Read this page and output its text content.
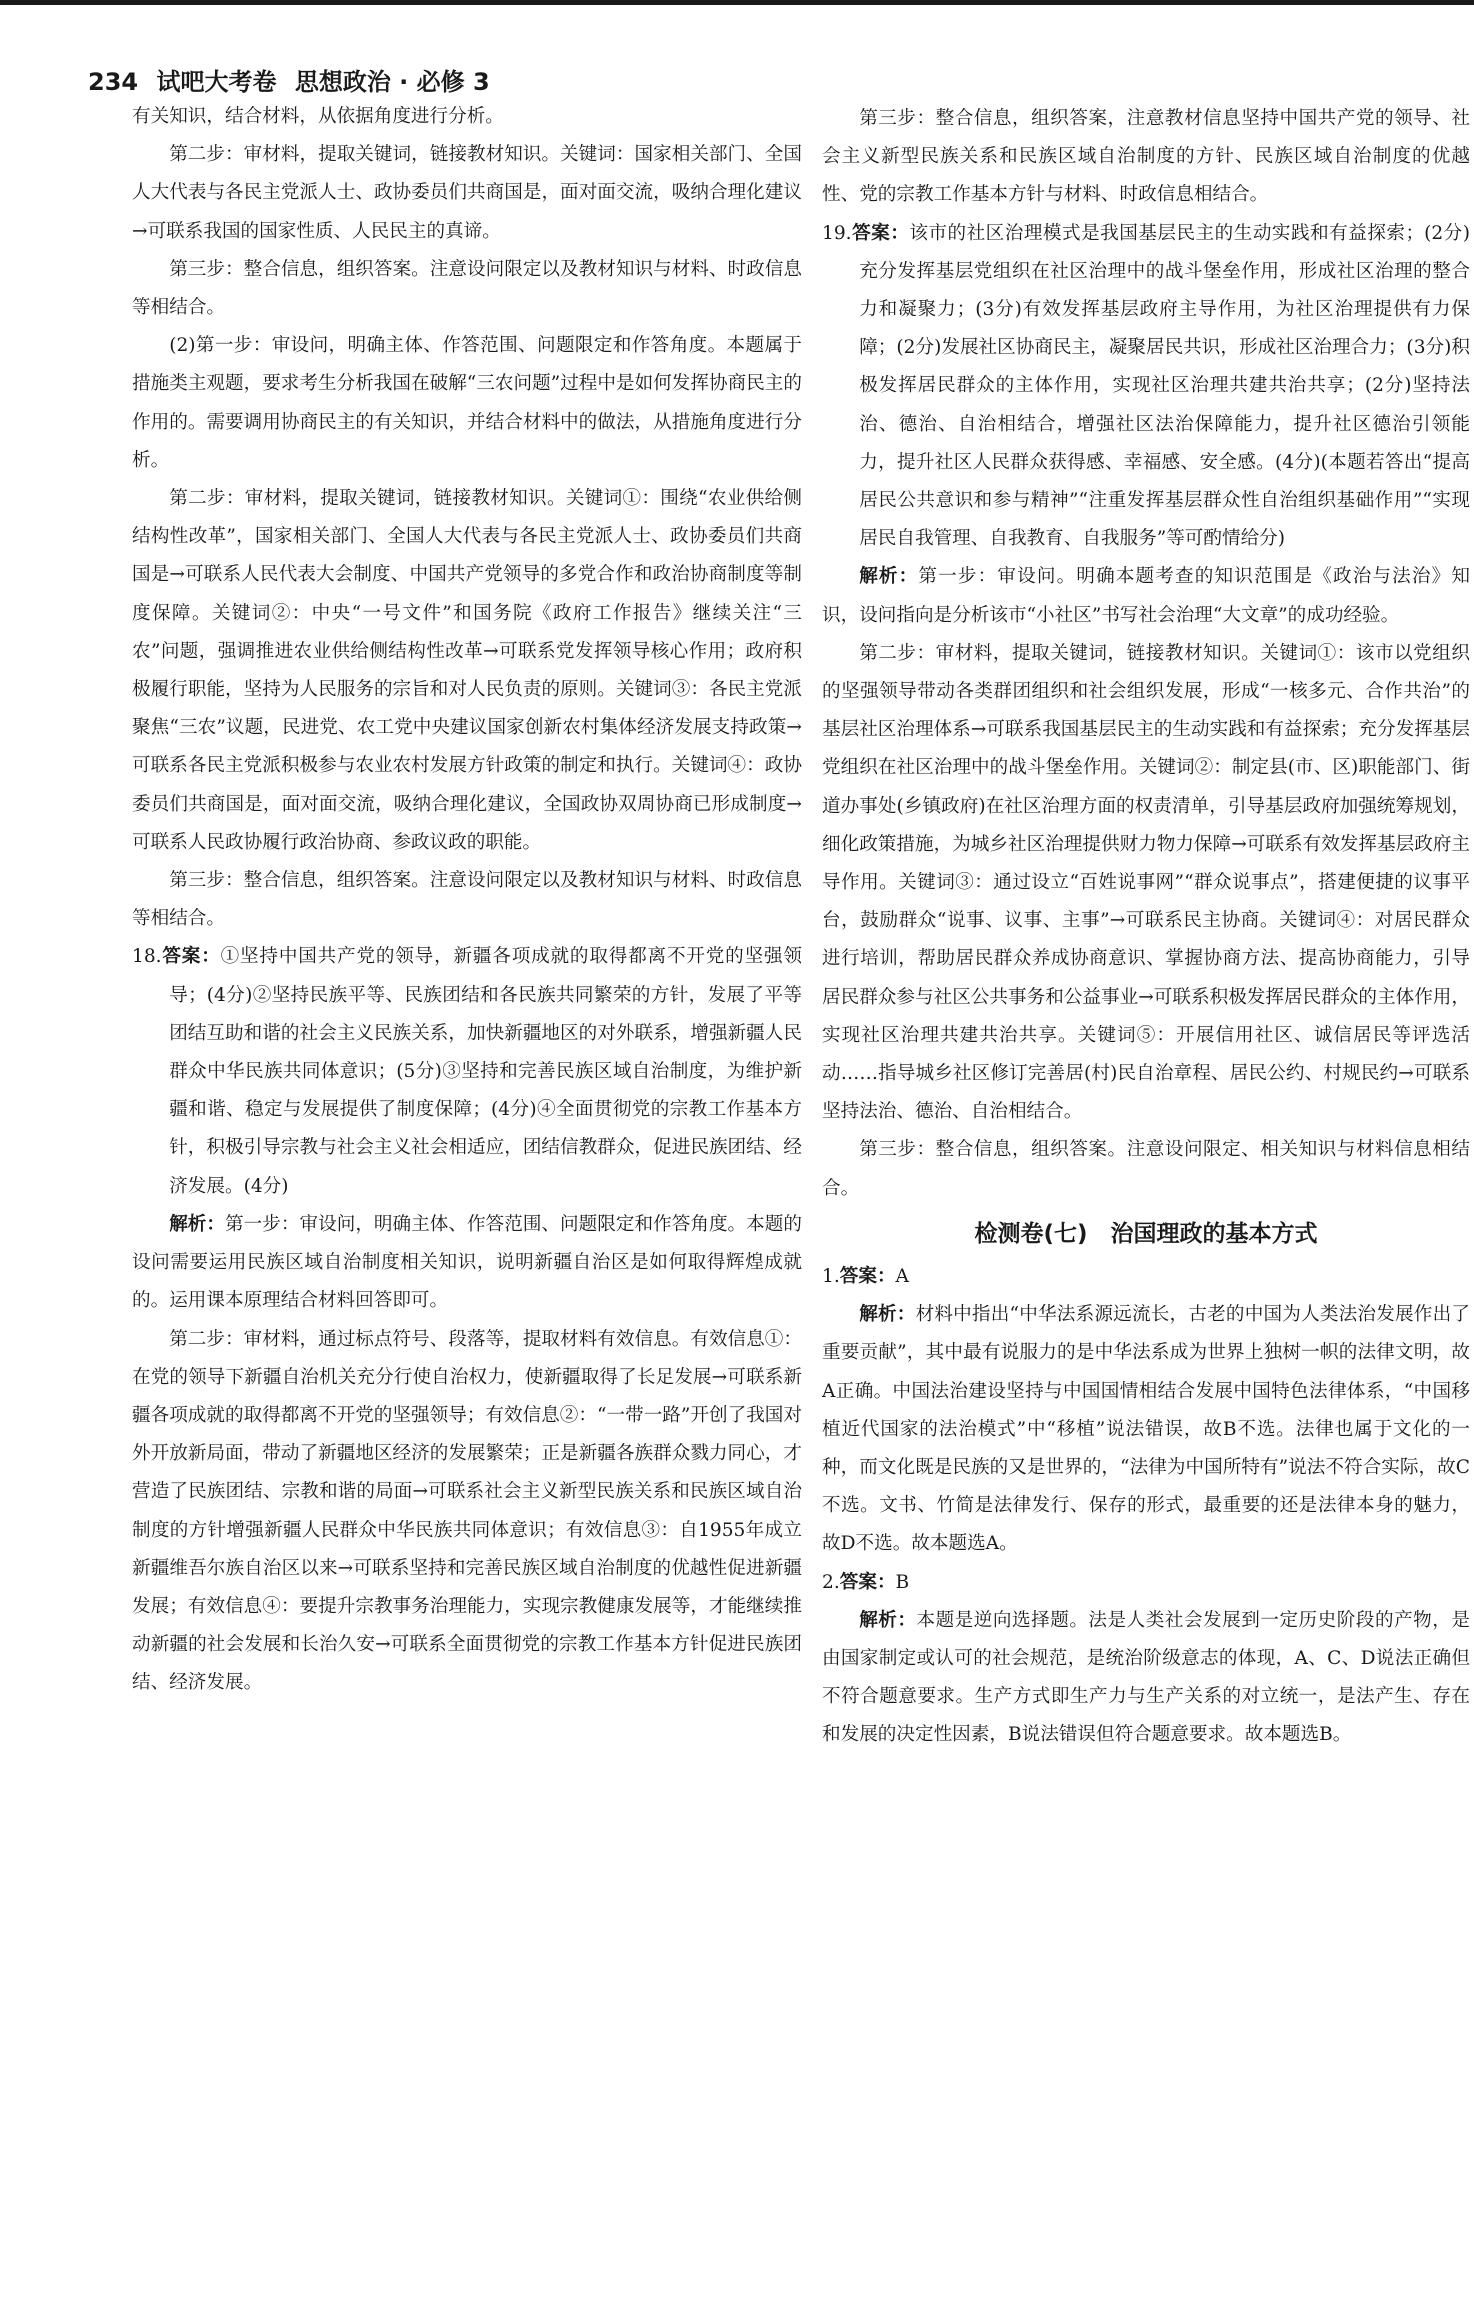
234 试吧大考卷 思想政治 · 必修 3

有关知识，结合材料，从依据角度进行分析。

第二步：审材料，提取关键词，链接教材知识。关键词：国家相关部门、全国人大代表与各民主党派人士、政协委员们共商国是，面对面交流，吸纳合理化建议→可联系我国的国家性质、人民民主的真谛。

第三步：整合信息，组织答案。注意设问限定以及教材知识与材料、时政信息等相结合。

(2)第一步：审设问，明确主体、作答范围、问题限定和作答角度。本题属于措施类主观题，要求考生分析我国在破解“三农问题”过程中是如何发挥协商民主的作用的。需要调用协商民主的有关知识，并结合材料中的做法，从措施角度进行分析。

第二步：审材料，提取关键词，链接教材知识。关键词①：围绕“农业供给侧结构性改革”，国家相关部门、全国人大代表与各民主党派人士、政协委员们共商国是→可联系人民代表大会制度、中国共产党领导的多党合作和政治协商制度等制度保障。关键词②：中央“一号文件”和国务院《政府工作报告》继续关注“三农”问题，强调推进农业供给侧结构性改革→可联系党发挥领导核心作用；政府积极履行职能，坚持为人民服务的宗旨和对人民负责的原则。关键词③：各民主党派聚焦“三农”议题，民进党、农工党中央建议国家创新农村集体经济发展支持政策→可联系各民主党派积极参与农业农村发展方针政策的制定和执行。关键词④：政协委员们共商国是，面对面交流，吸纳合理化建议，全国政协双周协商已形成制度→可联系人民政协履行政治协商、参政议政的职能。

第三步：整合信息，组织答案。注意设问限定以及教材知识与材料、时政信息等相结合。

18.答案：①坚持中国共产党的领导，新疆各项成就的取得都离不开党的坚强领导；(4分)②坚持民族平等、民族团结和各民族共同繁荣的方针，发展了平等团结互助和谐的社会主义民族关系，加快新疆地区的对外联系，增强新疆人民群众中华民族共同体意识；(5分)③坚持和完善民族区域自治制度，为维护新疆和谐、稳定与发展提供了制度保障；(4分)④全面贯彻党的宗教工作基本方针，积极引导宗教与社会主义社会相适应，团结信教群众，促进民族团结、经济发展。(4分)

解析：第一步：审设问，明确主体、作答范围、问题限定和作答角度。本题的设问需要运用民族区域自治制度相关知识，说明新疆自治区是如何取得辉煌成就的。运用课本原理结合材料回答即可。

第二步：审材料，通过标点符号、段落等，提取材料有效信息。有效信息①：在党的领导下新疆自治机关充分行使自治权力，使新疆取得了长足发展→可联系新疆各项成就的取得都离不开党的坚强领导；有效信息②：“一带一路”开创了我国对外开放新局面，带动了新疆地区经济的发展繁荣；正是新疆各族群众戮力同心，才营造了民族团结、宗教和谐的局面→可联系社会主义新型民族关系和民族区域自治制度的方针增强新疆人民群众中华民族共同体意识；有效信息③：自1955年成立新疆维吾尔族自治区以来→可联系坚持和完善民族区域自治制度的优越性促进新疆发展；有效信息④：要提升宗教事务治理能力，实现宗教健康发展等，才能继续推动新疆的社会发展和长治久安→可联系全面贯彻党的宗教工作基本方针促进民族团结、经济发展。

第三步：整合信息，组织答案，注意教材信息坚持中国共产党的领导、社会主义新型民族关系和民族区域自治制度的方针、民族区域自治制度的优越性、党的宗教工作基本方针与材料、时政信息相结合。

19.答案：该市的社区治理模式是我国基层民主的生动实践和有益探索；(2分)充分发挥基层党组织在社区治理中的战斗堡垒作用，形成社区治理的整合力和凝聚力；(3分)有效发挥基层政府主导作用，为社区治理提供有力保障；(2分)发展社区协商民主，凝聚居民共识，形成社区治理合力；(3分)积极发挥居民群众的主体作用，实现社区治理共建共治共享；(2分)坚持法治、德治、自治相结合，增强社区法治保障能力，提升社区德治引领能力，提升社区人民群众获得感、幸福感、安全感。(4分)(本题若答出“提高居民公共意识和参与精神”“注重发挥基层群众性自治组织基础作用”“实现居民自我管理、自我教育、自我服务”等可酌情给分)

解析：第一步：审设问。明确本题考查的知识范围是《政治与法治》知识，设问指向是分析该市“小社区”书写社会治理“大文章”的成功经验。

第二步：审材料，提取关键词，链接教材知识。关键词①：该市以党组织的坚强领导带动各类群团组织和社会组织发展，形成“一核多元、合作共治”的基层社区治理体系→可联系我国基层民主的生动实践和有益探索；充分发挥基层党组织在社区治理中的战斗堡垒作用。关键词②：制定县(市、区)职能部门、街道办事处(乡镇政府)在社区治理方面的权责清单，引导基层政府加强统筹规划，细化政策措施，为城乡社区治理提供财力物力保障→可联系有效发挥基层政府主导作用。关键词③：通过设立“百姓说事网”“群众说事点”，搭建便捷的议事平台，鼓励群众“说事、议事、主事”→可联系民主协商。关键词④：对居民群众进行培训，帮助居民群众养成协商意识、掌握协商方法、提高协商能力，引导居民群众参与社区公共事务和公益事业→可联系积极发挥居民群众的主体作用，实现社区治理共建共治共享。关键词⑤：开展信用社区、诚信居民等评选活动……指导城乡社区修订完善居(村)民自治章程、居民公约、村规民约→可联系坚持法治、德治、自治相结合。

第三步：整合信息，组织答案。注意设问限定、相关知识与材料信息相结合。

检测卷(七)　治国理政的基本方式

1.答案：A

解析：材料中指出“中华法系源远流长，古老的中国为人类法治发展作出了重要贡献”，其中最有说服力的是中华法系成为世界上独树一帜的法律文明，故A正确。中国法治建设坚持与中国国情相结合发展中国特色法律体系，“中国移植近代国家的法治模式”中“移植”说法错误，故B不选。法律也属于文化的一种，而文化既是民族的又是世界的，“法律为中国所特有”说法不符合实际，故C不选。文书、竹简是法律发行、保存的形式，最重要的还是法律本身的魅力，故D不选。故本题选A。

2.答案：B

解析：本题是逆向选择题。法是人类社会发展到一定历史阶段的产物，是由国家制定或认可的社会规范，是统治阶级意志的体现，A、C、D说法正确但不符合题意要求。生产方式即生产力与生产关系的对立统一，是法产生、存在和发展的决定性因素，B说法错误但符合题意要求。故本题选B。
